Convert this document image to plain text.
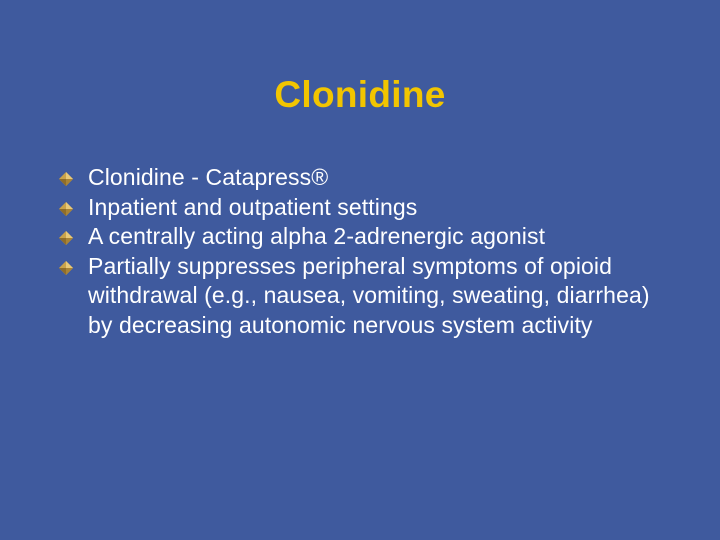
Clonidine
Clonidine - Catapress®
Inpatient and outpatient settings
A centrally acting alpha 2-adrenergic agonist
Partially suppresses peripheral symptoms of opioid withdrawal (e.g., nausea, vomiting, sweating, diarrhea) by decreasing autonomic nervous system activity
